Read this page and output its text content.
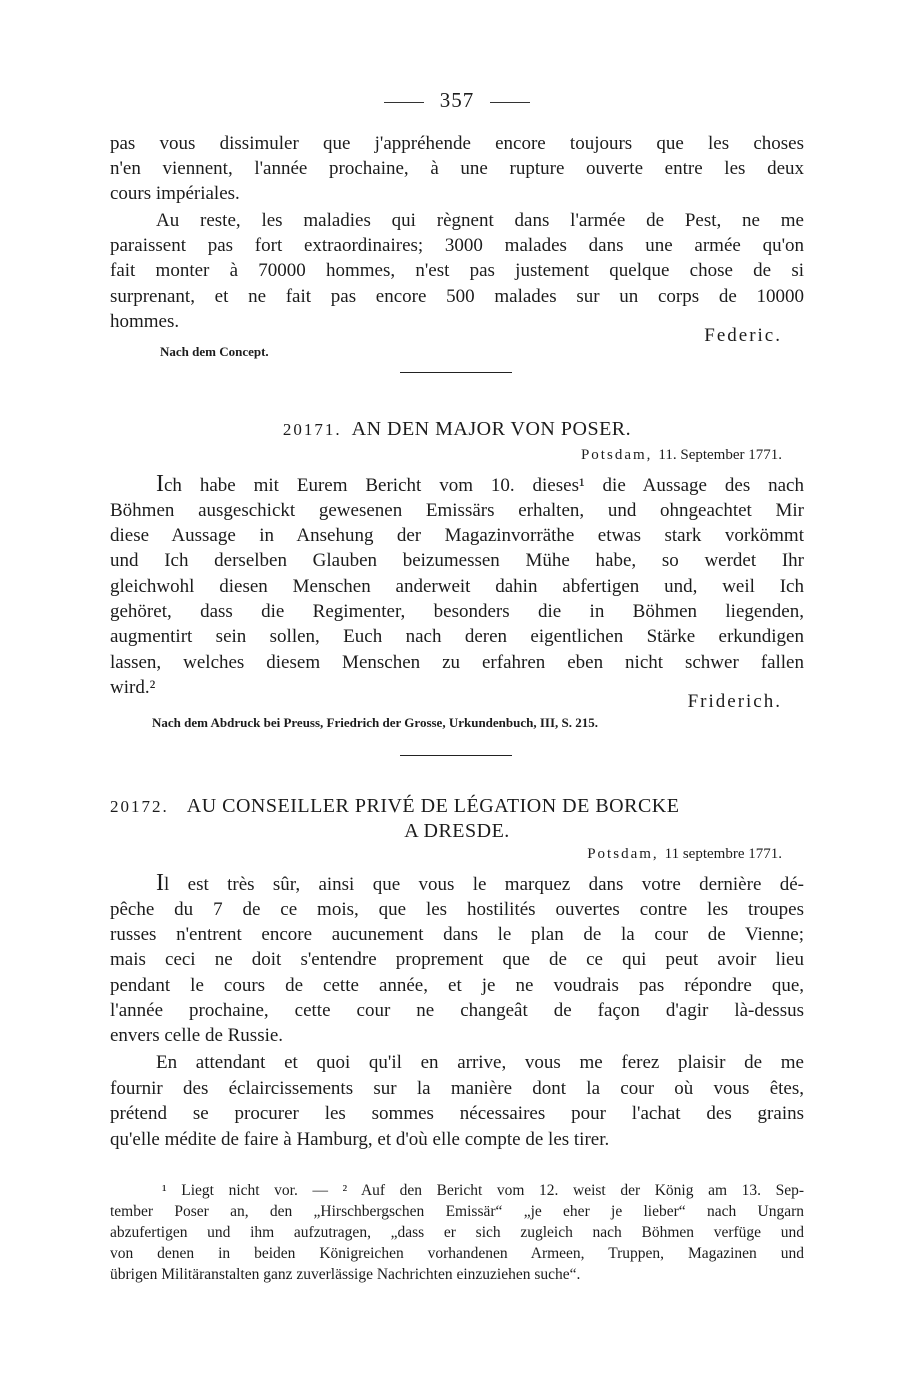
357
pas vous dissimuler que j'appréhende encore toujours que les choses
n'en viennent, l'année prochaine, à une rupture ouverte entre les deux
cours impériales.
Au reste, les maladies qui règnent dans l'armée de Pest, ne me
paraissent pas fort extraordinaires; 3000 malades dans une armée qu'on
fait monter à 70000 hommes, n'est pas justement quelque chose de si
surprenant, et ne fait pas encore 500 malades sur un corps de 10000
hommes.
Federic.
Nach dem Concept.
20171. AN DEN MAJOR VON POSER.
Potsdam, 11. September 1771.
Ich habe mit Eurem Bericht vom 10. dieses¹ die Aussage des nach
Böhmen ausgeschickt gewesenen Emissärs erhalten, und ohngeachtet Mir
diese Aussage in Ansehung der Magazinvorräthe etwas stark vorkömmt
und Ich derselben Glauben beizumessen Mühe habe, so werdet Ihr
gleichwohl diesen Menschen anderweit dahin abfertigen und, weil Ich
gehöret, dass die Regimenter, besonders die in Böhmen liegenden,
augmentirt sein sollen, Euch nach deren eigentlichen Stärke erkundigen
lassen, welches diesem Menschen zu erfahren eben nicht schwer fallen
wird.²
Friderich.
Nach dem Abdruck bei Preuss, Friedrich der Grosse, Urkundenbuch, III, S. 215.
20172. AU CONSEILLER PRIVÉ DE LÉGATION DE BORCKE
A DRESDE.
Potsdam, 11 septembre 1771.
Il est très sûr, ainsi que vous le marquez dans votre dernière dé-
pêche du 7 de ce mois, que les hostilités ouvertes contre les troupes
russes n'entrent encore aucunement dans le plan de la cour de Vienne;
mais ceci ne doit s'entendre proprement que de ce qui peut avoir lieu
pendant le cours de cette année, et je ne voudrais pas répondre que,
l'année prochaine, cette cour ne changeât de façon d'agir là-dessus
envers celle de Russie.
En attendant et quoi qu'il en arrive, vous me ferez plaisir de me
fournir des éclaircissements sur la manière dont la cour où vous êtes,
prétend se procurer les sommes nécessaires pour l'achat des grains
qu'elle médite de faire à Hamburg, et d'où elle compte de les tirer.
¹ Liegt nicht vor. — ² Auf den Bericht vom 12. weist der König am 13. Sep-
tember Poser an, den „Hirschbergschen Emissär“ „je eher je lieber“ nach Ungarn
abzufertigen und ihm aufzutragen, „dass er sich zugleich nach Böhmen verfüge und
von denen in beiden Königreichen vorhandenen Armeen, Truppen, Magazinen und
übrigen Militäranstalten ganz zuverlässige Nachrichten einzuziehen suche“.
